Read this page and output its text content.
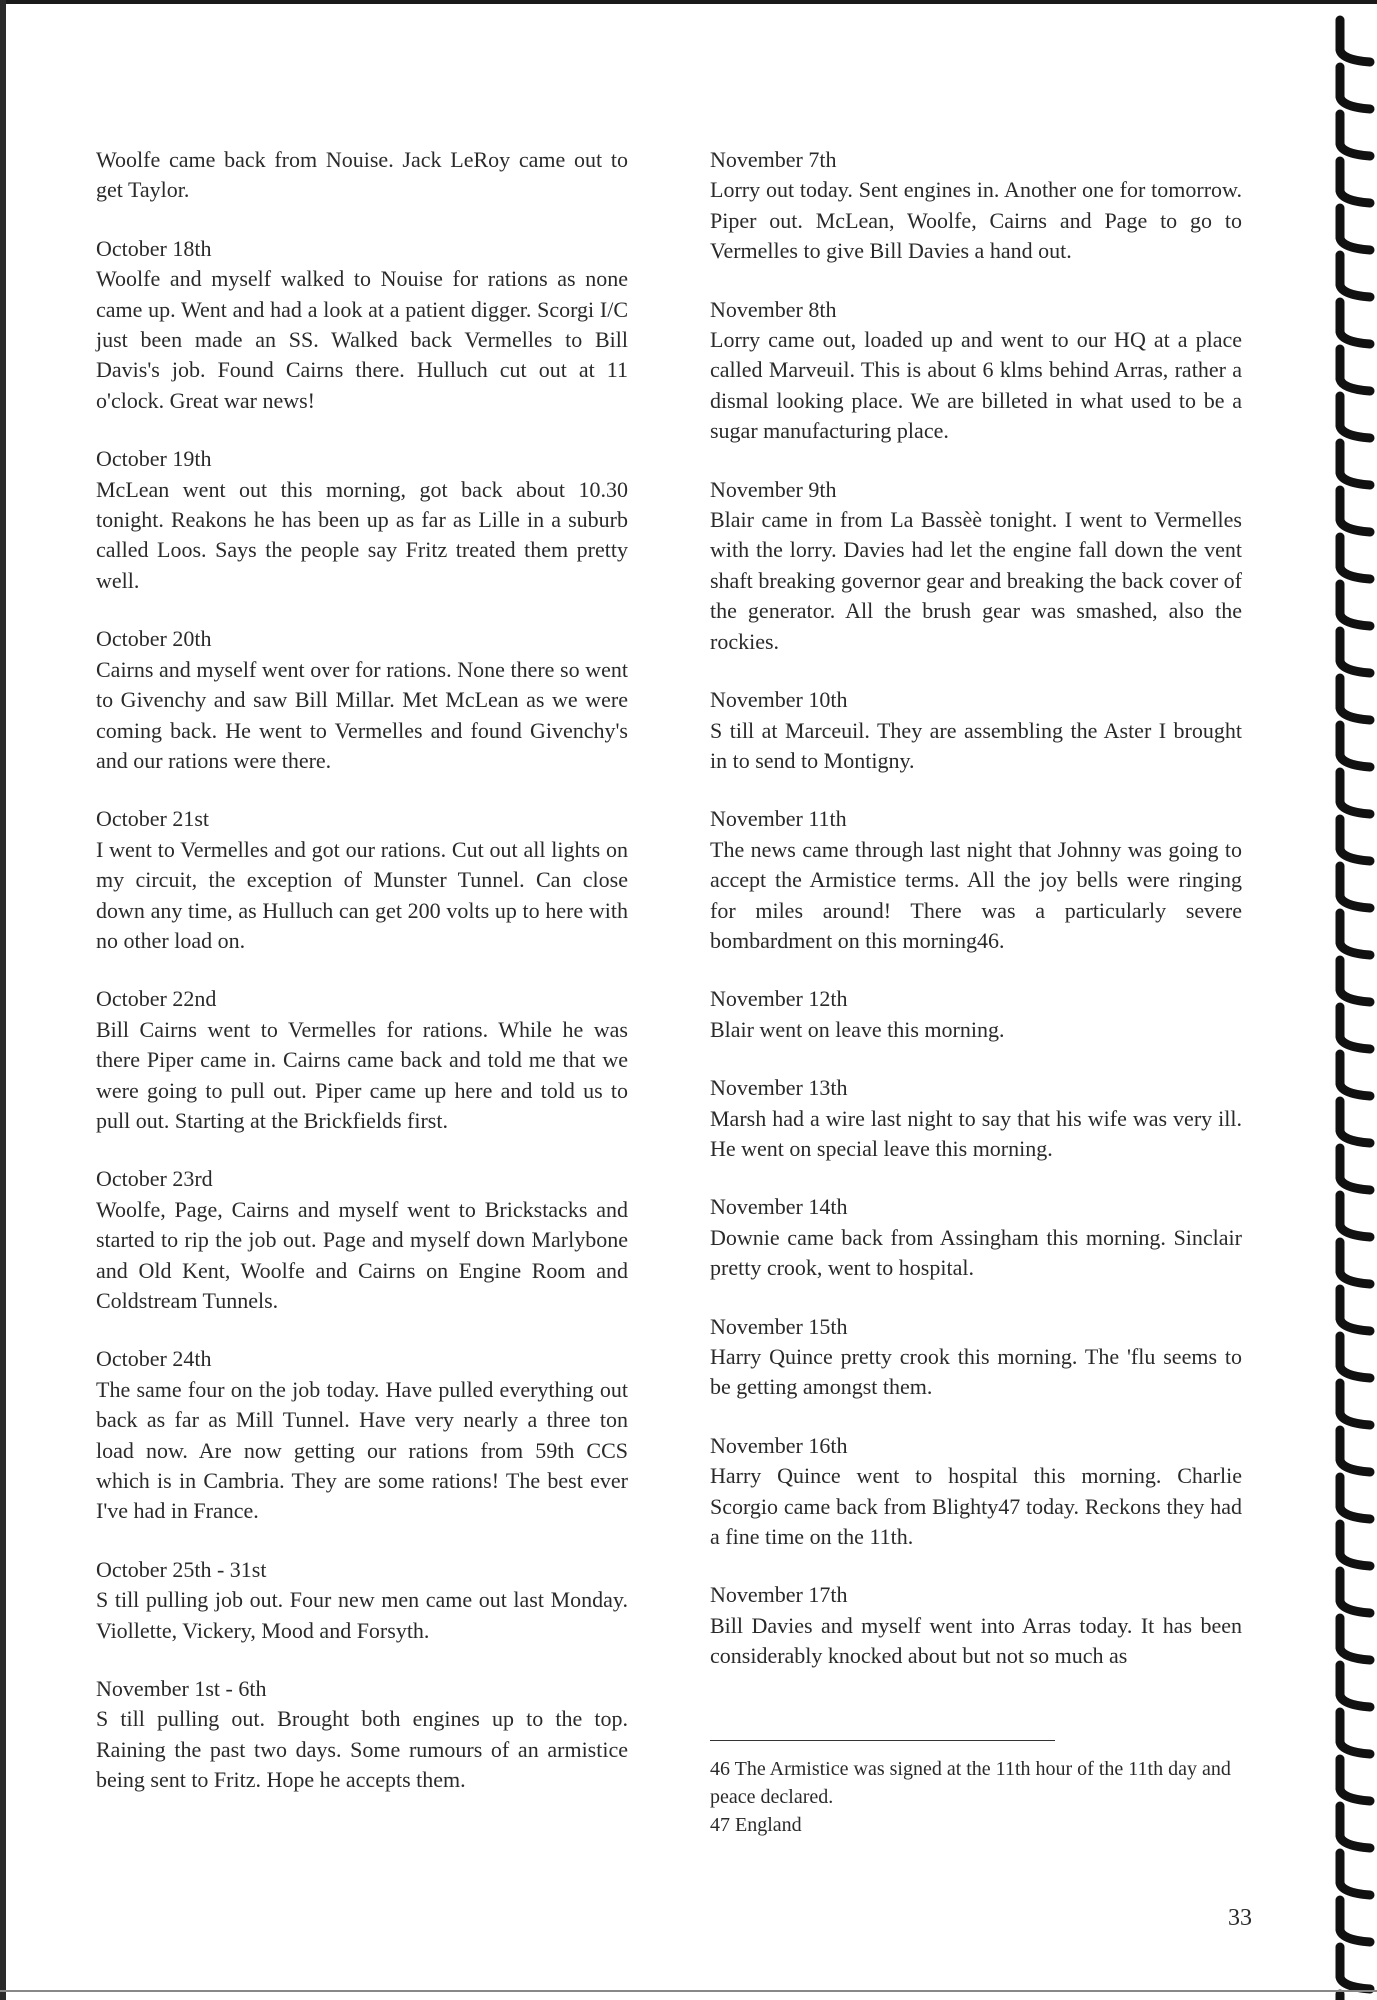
Woolfe came back from Nouise. Jack LeRoy came out to get Taylor.
October 18th
Woolfe and myself walked to Nouise for rations as none came up. Went and had a look at a patient digger. Scorgi I/C just been made an SS. Walked back Vermelles to Bill Davis's job. Found Cairns there. Hulluch cut out at 11 o'clock. Great war news!
October 19th
McLean went out this morning, got back about 10.30 tonight. Reakons he has been up as far as Lille in a suburb called Loos. Says the people say Fritz treated them pretty well.
October 20th
Cairns and myself went over for rations. None there so went to Givenchy and saw Bill Millar. Met McLean as we were coming back. He went to Vermelles and found Givenchy's and our rations were there.
October 21st
I went to Vermelles and got our rations. Cut out all lights on my circuit, the exception of Munster Tunnel. Can close down any time, as Hulluch can get 200 volts up to here with no other load on.
October 22nd
Bill Cairns went to Vermelles for rations. While he was there Piper came in. Cairns came back and told me that we were going to pull out. Piper came up here and told us to pull out. Starting at the Brickfields first.
October 23rd
Woolfe, Page, Cairns and myself went to Brickstacks and started to rip the job out. Page and myself down Marlybone and Old Kent, Woolfe and Cairns on Engine Room and Coldstream Tunnels.
October 24th
The same four on the job today. Have pulled everything out back as far as Mill Tunnel. Have very nearly a three ton load now. Are now getting our rations from 59th CCS which is in Cambria. They are some rations! The best ever I've had in France.
October 25th - 31st
S till pulling job out. Four new men came out last Monday. Viollette, Vickery, Mood and Forsyth.
November 1st - 6th
S till pulling out. Brought both engines up to the top. Raining the past two days. Some rumours of an armistice being sent to Fritz. Hope he accepts them.
November 7th
Lorry out today. Sent engines in. Another one for tomorrow. Piper out. McLean, Woolfe, Cairns and Page to go to Vermelles to give Bill Davies a hand out.
November 8th
Lorry came out, loaded up and went to our HQ at a place called Marveuil. This is about 6 klms behind Arras, rather a dismal looking place. We are billeted in what used to be a sugar manufacturing place.
November 9th
Blair came in from La Bassèè tonight. I went to Vermelles with the lorry. Davies had let the engine fall down the vent shaft breaking governor gear and breaking the back cover of the generator. All the brush gear was smashed, also the rockies.
November 10th
S till at Marceuil. They are assembling the Aster I brought in to send to Montigny.
November 11th
The news came through last night that Johnny was going to accept the Armistice terms. All the joy bells were ringing for miles around! There was a particularly severe bombardment on this morning46.
November 12th
Blair went on leave this morning.
November 13th
Marsh had a wire last night to say that his wife was very ill. He went on special leave this morning.
November 14th
Downie came back from Assingham this morning. Sinclair pretty crook, went to hospital.
November 15th
Harry Quince pretty crook this morning. The 'flu seems to be getting amongst them.
November 16th
Harry Quince went to hospital this morning. Charlie Scorgio came back from Blighty47 today. Reckons they had a fine time on the 11th.
November 17th
Bill Davies and myself went into Arras today. It has been considerably knocked about but not so much as
46 The Armistice was signed at the 11th hour of the 11th day and peace declared.
47 England
33
